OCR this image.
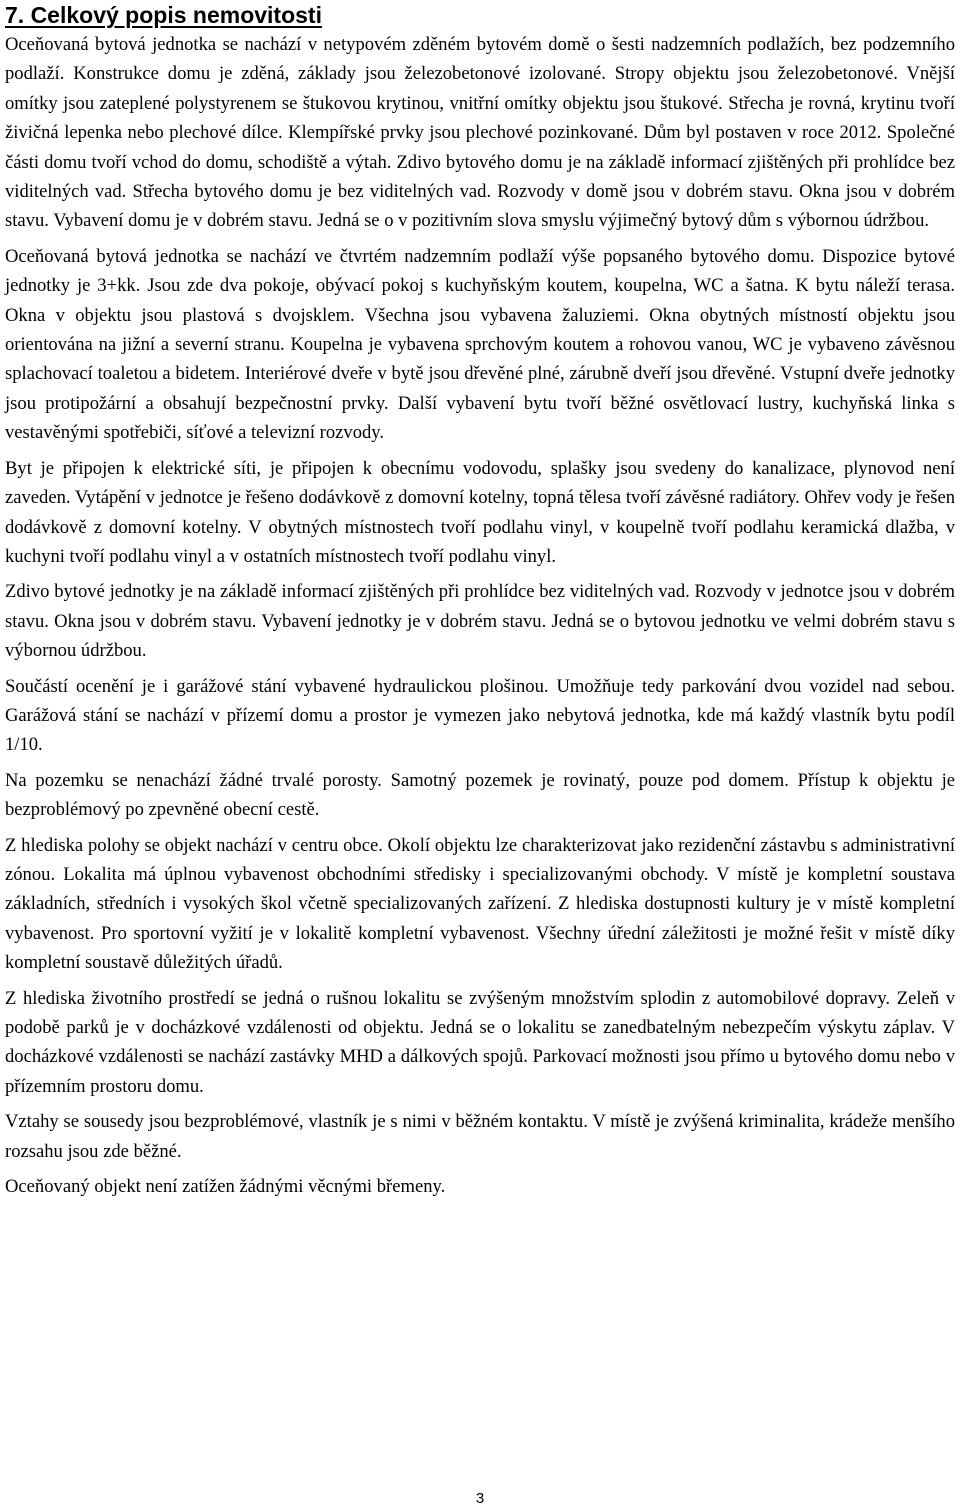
7. Celkový popis nemovitosti

Oceňovaná bytová jednotka se nachází v netypovém zděném bytovém domě o šesti nadzemních podlažích, bez podzemního podlaží. Konstrukce domu je zděná, základy jsou železobetonové izolované. Stropy objektu jsou železobetonové. Vnější omítky jsou zateplené polystyrenem se štukovou krytinou, vnitřní omítky objektu jsou štukové. Střecha je rovná, krytinu tvoří živičná lepenka nebo plechové dílce. Klempířské prvky jsou plechové pozinkované. Dům byl postaven v roce 2012. Společné části domu tvoří vchod do domu, schodiště a výtah. Zdivo bytového domu je na základě informací zjištěných při prohlídce bez viditelných vad. Střecha bytového domu je bez viditelných vad. Rozvody v domě jsou v dobrém stavu. Okna jsou v dobrém stavu. Vybavení domu je v dobrém stavu. Jedná se o v pozitivním slova smyslu výjimečný bytový dům s výbornou údržbou.

Oceňovaná bytová jednotka se nachází ve čtvrtém nadzemním podlaží výše popsaného bytového domu. Dispozice bytové jednotky je 3+kk. Jsou zde dva pokoje, obývací pokoj s kuchyňským koutem, koupelna, WC a šatna. K bytu náleží terasa. Okna v objektu jsou plastová s dvojsklem. Všechna jsou vybavena žaluziemi. Okna obytných místností objektu jsou orientována na jižní a severní stranu. Koupelna je vybavena sprchovým koutem a rohovou vanou, WC je vybaveno závěsnou splachovací toaletou a bidetem. Interiérové dveře v bytě jsou dřevěné plné, zárubně dveří jsou dřevěné. Vstupní dveře jednotky jsou protipožární a obsahují bezpečnostní prvky. Další vybavení bytu tvoří běžné osvětlovací lustry, kuchyňská linka s vestavěnými spotřebiči, síťové a televizní rozvody.

Byt je připojen k elektrické síti, je připojen k obecnímu vodovodu, splašky jsou svedeny do kanalizace, plynovod není zaveden. Vytápění v jednotce je řešeno dodávkově z domovní kotelny, topná tělesa tvoří závěsné radiátory. Ohřev vody je řešen dodávkově z domovní kotelny. V obytných místnostech tvoří podlahu vinyl, v koupelně tvoří podlahu keramická dlažba, v kuchyni tvoří podlahu vinyl a v ostatních místnostech tvoří podlahu vinyl.

Zdivo bytové jednotky je na základě informací zjištěných při prohlídce bez viditelných vad. Rozvody v jednotce jsou v dobrém stavu. Okna jsou v dobrém stavu. Vybavení jednotky je v dobrém stavu. Jedná se o bytovou jednotku ve velmi dobrém stavu s výbornou údržbou.

Součástí ocenění je i garážové stání vybavené hydraulickou plošinou. Umožňuje tedy parkování dvou vozidel nad sebou. Garážová stání se nachází v přízemí domu a prostor je vymezen jako nebytová jednotka, kde má každý vlastník bytu podíl 1/10.

Na pozemku se nenachází žádné trvalé porosty. Samotný pozemek je rovinatý, pouze pod domem. Přístup k objektu je bezproblémový po zpevněné obecní cestě.

Z hlediska polohy se objekt nachází v centru obce. Okolí objektu lze charakterizovat jako rezidenční zástavbu s administrativní zónou. Lokalita má úplnou vybavenost obchodními středisky i specializovanými obchody. V místě je kompletní soustava základních, středních i vysokých škol včetně specializovaných zařízení. Z hlediska dostupnosti kultury je v místě kompletní vybavenost. Pro sportovní vyžití je v lokalitě kompletní vybavenost. Všechny úřední záležitosti je možné řešit v místě díky kompletní soustavě důležitých úřadů.

Z hlediska životního prostředí se jedná o rušnou lokalitu se zvýšeným množstvím splodin z automobilové dopravy. Zeleň v podobě parků je v docházkové vzdálenosti od objektu. Jedná se o lokalitu se zanedbatelným nebezpečím výskytu záplav. V docházkové vzdálenosti se nachází zastávky MHD a dálkových spojů. Parkovací možnosti jsou přímo u bytového domu nebo v přízemním prostoru domu.

Vztahy se sousedy jsou bezproblémové, vlastník je s nimi v běžném kontaktu. V místě je zvýšená kriminalita, krádeže menšího rozsahu jsou zde běžné.

Oceňovaný objekt není zatížen žádnými věcnými břemeny.

3
